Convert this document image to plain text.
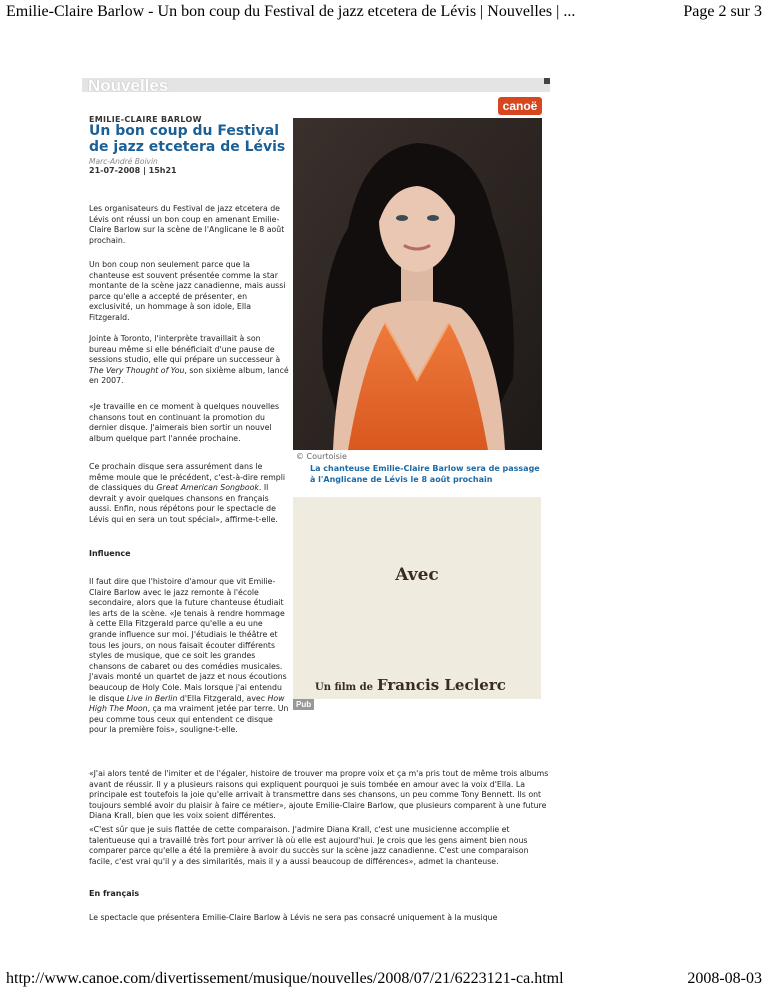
Emilie-Claire Barlow - Un bon coup du Festival de jazz etcetera de Lévis | Nouvelles | ...	Page 2 sur 3
Nouvelles
canoë
EMILIE-CLAIRE BARLOW
Un bon coup du Festival de jazz etcetera de Lévis
Marc-André Boivin
21-07-2008 | 15h21

Les organisateurs du Festival de jazz etcetera de Lévis ont réussi un bon coup en amenant Emilie-Claire Barlow sur la scène de l'Anglicane le 8 août prochain.

Un bon coup non seulement parce que la chanteuse est souvent présentée comme la star montante de la scène jazz canadienne, mais aussi parce qu'elle a accepté de présenter, en exclusivité, un hommage à son idole, Ella Fitzgerald.

Jointe à Toronto, l'interprète travaillait à son bureau même si elle bénéficiait d'une pause de sessions studio, elle qui prépare un successeur à The Very Thought of You, son sixième album, lancé en 2007.

«Je travaille en ce moment à quelques nouvelles chansons tout en continuant la promotion du dernier disque. J'aimerais bien sortir un nouvel album quelque part l'année prochaine.

Ce prochain disque sera assurément dans le même moule que le précédent, c'est-à-dire rempli de classiques du Great American Songbook. Il devrait y avoir quelques chansons en français aussi. Enfin, nous répétons pour le spectacle de Lévis qui en sera un tout spécial», affirme-t-elle.

Influence

Il faut dire que l'histoire d'amour que vit Emilie-Claire Barlow avec le jazz remonte à l'école secondaire, alors que la future chanteuse étudiait les arts de la scène. «Je tenais à rendre hommage à cette Ella Fitzgerald parce qu'elle a eu une grande influence sur moi. J'étudiais le théâtre et tous les jours, on nous faisait écouter différents styles de musique, que ce soit les grandes chansons de cabaret ou des comédies musicales. J'avais monté un quartet de jazz et nous écoutions beaucoup de Holy Cole. Mais lorsque j'ai entendu le disque Live in Berlin d'Ella Fitzgerald, avec How High The Moon, ça ma vraiment jetée par terre. Un peu comme tous ceux qui entendent ce disque pour la première fois», souligne-t-elle.

«J'ai alors tenté de l'imiter et de l'égaler, histoire de trouver ma propre voix et ça m'a pris tout de même trois albums avant de réussir. Il y a plusieurs raisons qui expliquent pourquoi je suis tombée en amour avec la voix d'Ella. La principale est toutefois la joie qu'elle arrivait à transmettre dans ses chansons, un peu comme Tony Bennett. Ils ont toujours semblé avoir du plaisir à faire ce métier», ajoute Emilie-Claire Barlow, que plusieurs comparent à une future Diana Krall, bien que les voix soient différentes.

«C'est sûr que je suis flattée de cette comparaison. J'admire Diana Krall, c'est une musicienne accomplie et talentueuse qui a travaillé très fort pour arriver là où elle est aujourd'hui. Je crois que les gens aiment bien nous comparer parce qu'elle a été la première à avoir du succès sur la scène jazz canadienne. C'est une comparaison facile, c'est vrai qu'il y a des similarités, mais il y a aussi beaucoup de différences», admet la chanteuse.

En français

Le spectacle que présentera Emilie-Claire Barlow à Lévis ne sera pas consacré uniquement à la musique

© Courtoisie
La chanteuse Emilie-Claire Barlow sera de passage à l'Anglicane de Lévis le 8 août prochain
Avec
Un film de Francis Leclerc
Pub
http://www.canoe.com/divertissement/musique/nouvelles/2008/07/21/6223121-ca.html	2008-08-03
